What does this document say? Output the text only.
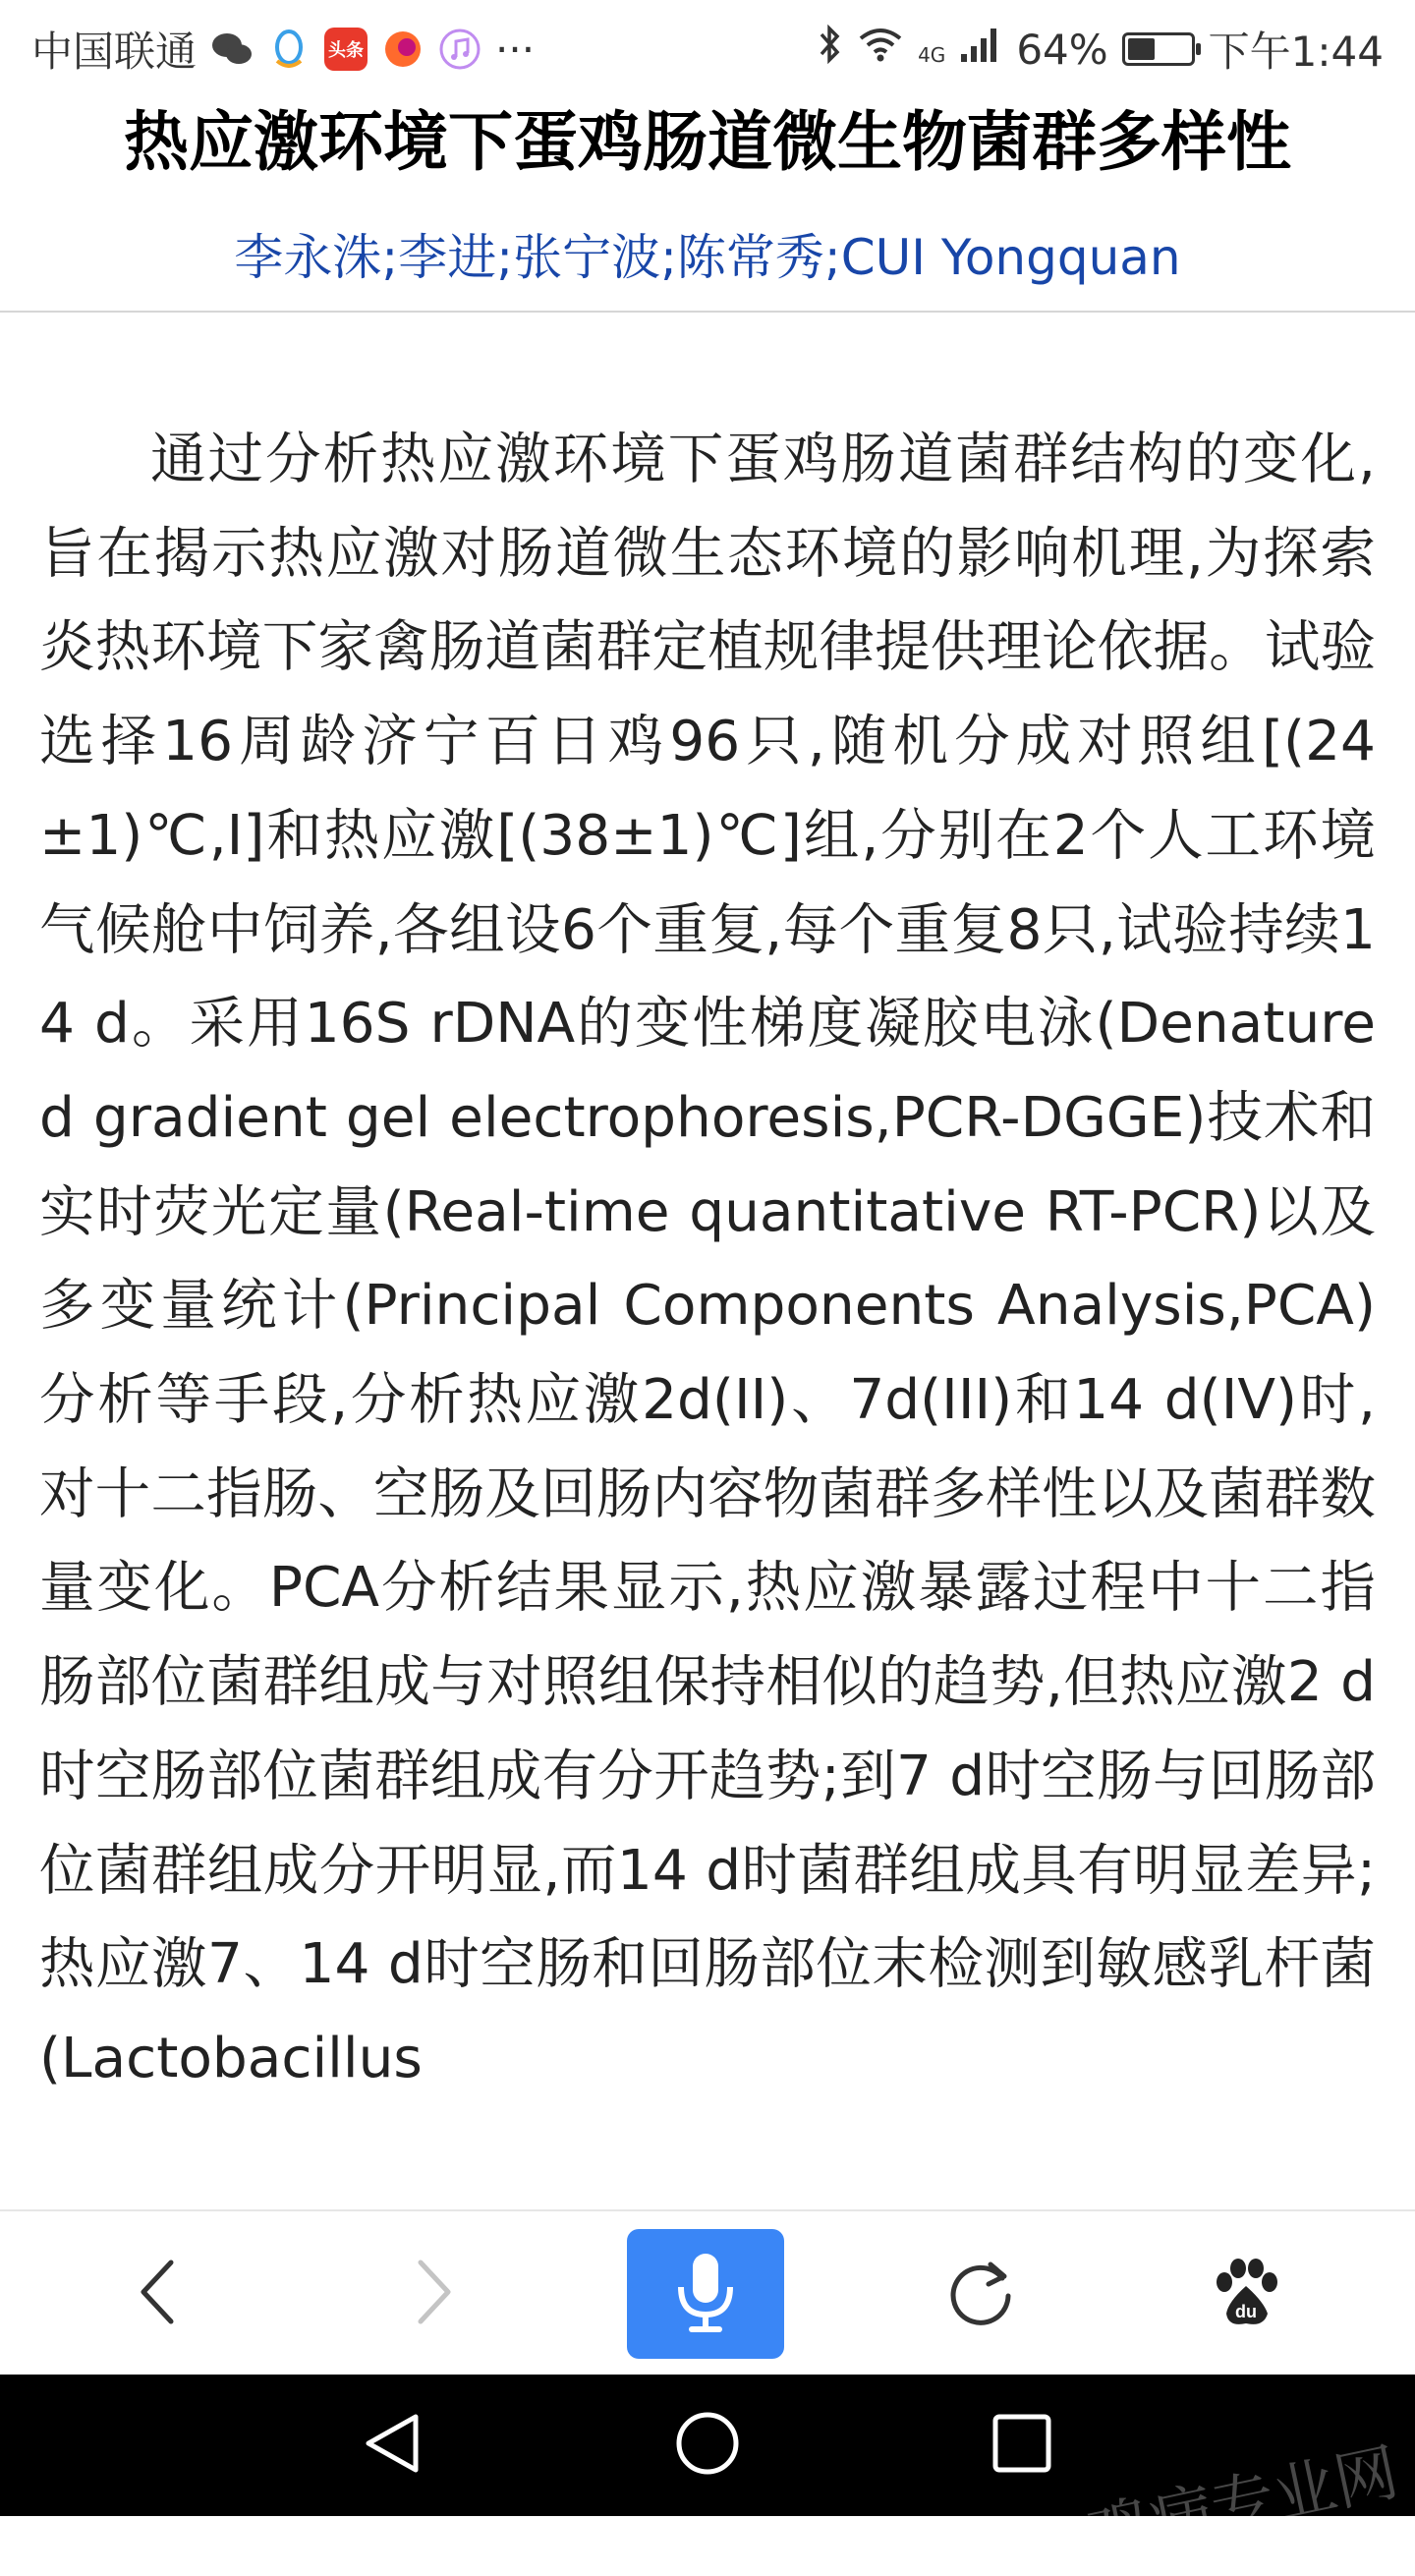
中国联通	头条	···	4G 64% 下午1:44
热应激环境下蛋鸡肠道微生物菌群多样性
李永洙;李进;张宁波;陈常秀;CUI Yongquan

通过分析热应激环境下蛋鸡肠道菌群结构的变化,旨在揭示热应激对肠道微生态环境的影响机理,为探索炎热环境下家禽肠道菌群定植规律提供理论依据。试验选择16周龄济宁百日鸡96只,随机分成对照组[(24±1)℃,I]和热应激[(38±1)℃]组,分别在2个人工环境气候舱中饲养,各组设6个重复,每个重复8只,试验持续14 d。采用16S rDNA的变性梯度凝胶电泳(Denatured gradient gel electrophoresis,PCR-DGGE)技术和实时荧光定量(Real-time quantitative RT-PCR)以及多变量统计(Principal Components Analysis,PCA)分析等手段,分析热应激2d(II)、7d(III)和14 d(IV)时,对十二指肠、空肠及回肠内容物菌群多样性以及菌群数量变化。PCA分析结果显示,热应激暴露过程中十二指肠部位菌群组成与对照组保持相似的趋势,但热应激2 d时空肠部位菌群组成有分开趋势;到7 d时空肠与回肠部位菌群组成分开明显,而14 d时菌群组成具有明显差异;热应激7、14 d时空肠和回肠部位末检测到敏感乳杆菌(Lactobacillus

du
鸡病专业网
